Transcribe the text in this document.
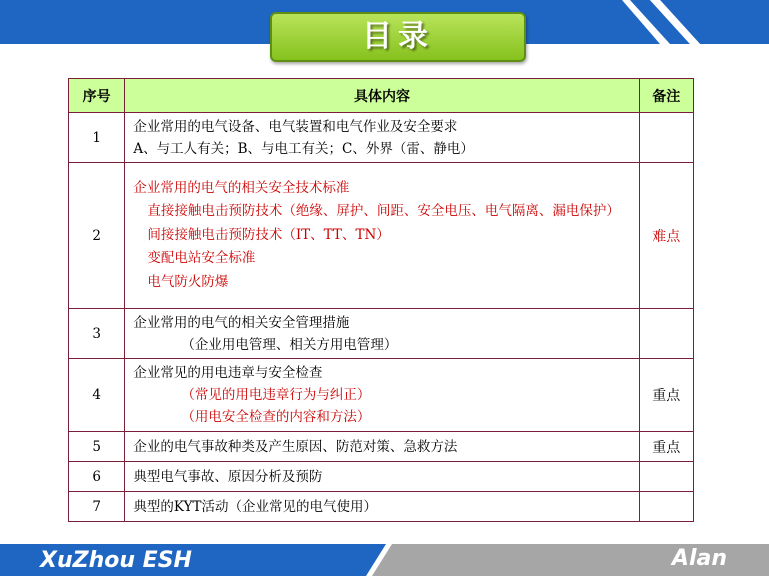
目录
序号	具体内容	备注
1	企业常用的电气设备、电气装置和电气作业及安全要求
A、与工人有关；B、与电工有关；C、外界（雷、静电）	

2	企业常用的电气的相关安全技术标准
直接接触电击预防技术（绝缘、屏护、间距、安全电压、电气隔离、漏电保护）
间接接触电击预防技术（IT、TT、TN）
变配电站安全标准
电气防火防爆	难点
3	企业常用的电气的相关安全管理措施
（企业用电管理、相关方用电管理）	

4	企业常见的用电违章与安全检查
（常见的用电违章行为与纠正）
（用电安全检查的内容和方法）	重点
5	企业的电气事故种类及产生原因、防范对策、急救方法	重点
6	典型电气事故、原因分析及预防	

7	典型的KYT活动（企业常见的电气使用）	

XuZhou ESH	Alan
